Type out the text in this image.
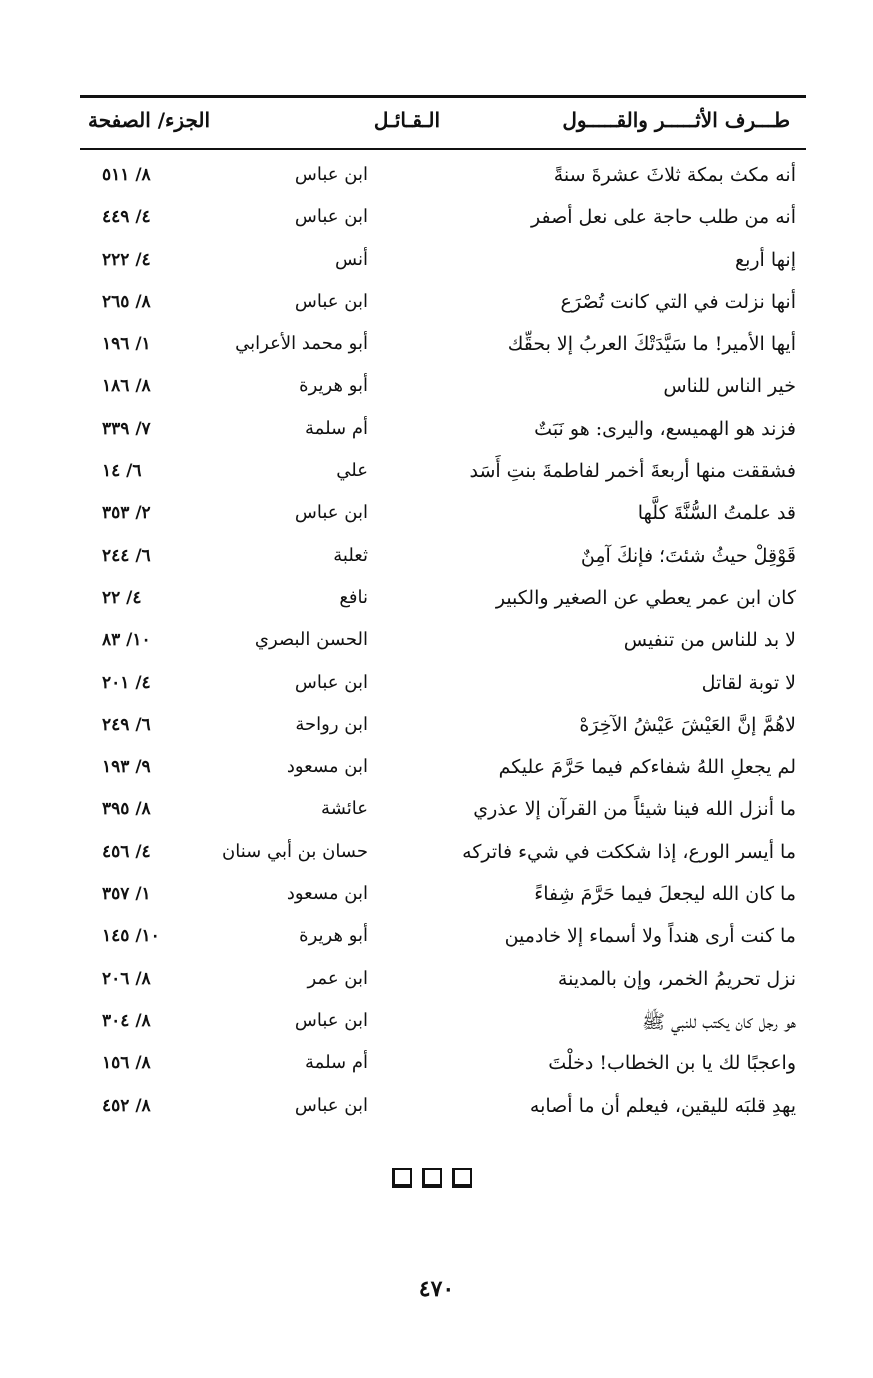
طـــرف الأثـــــر والقـــــول
الـقـائـل
الجزء/ الصفحة
أنه مكث بمكة ثلاثَ عشرةَ سنةً
ابن عباس
٨/ ٥١١
أنه من طلب حاجة على نعل أصفر
ابن عباس
٤/ ٤٤٩
إنها أربع
أنس
٤/ ٢٢٢
أنها نزلت في التي كانت تُصْرَع
ابن عباس
٨/ ٢٦٥
أيها الأمير! ما سَيَّدَتْكَ العربُ إلا بحقِّك
أبو محمد الأعرابي
١/ ١٩٦
خير الناس للناس
أبو هريرة
٨/ ١٨٦
فزند هو الهميسع، واليرى: هو نَبَتٌ
أم سلمة
٧/ ٣٣٩
فشققت منها أربعةَ أخمر لفاطمةَ بنتِ أَسَد
علي
٦/ ١٤
قد علمتُ السُّنَّةَ كلَّها
ابن عباس
٢/ ٣٥٣
قَوْقِلْ حيثُ شئتَ؛ فإنكَ آمِنٌ
ثعلبة
٦/ ٢٤٤
كان ابن عمر يعطي عن الصغير والكبير
نافع
٤/ ٢٢
لا بد للناس من تنفيس
الحسن البصري
١٠/ ٨٣
لا توبة لقاتل
ابن عباس
٤/ ٢٠١
لاهُمَّ إنَّ العَيْشَ عَيْشُ الآخِرَهْ
ابن رواحة
٦/ ٢٤٩
لم يجعلِ اللهُ شفاءكم فيما حَرَّمَ عليكم
ابن مسعود
٩/ ١٩٣
ما أنزل الله فينا شيئاً من القرآن إلا عذري
عائشة
٨/ ٣٩٥
ما أيسر الورع، إذا شككت في شيء فاتركه
حسان بن أبي سنان
٤/ ٤٥٦
ما كان الله ليجعلَ فيما حَرَّمَ شِفاءً
ابن مسعود
١/ ٣٥٧
ما كنت أرى هنداً ولا أسماء إلا خادمين
أبو هريرة
١٠/ ١٤٥
نزل تحريمُ الخمر، وإن بالمدينة
ابن عمر
٨/ ٢٠٦
هو رجل كان يكتب للنبي ﷺ
ابن عباس
٨/ ٣٠٤
واعجبًا لك يا بن الخطاب! دخلْتَ
أم سلمة
٨/ ١٥٦
يهدِ قلبَه لليقين، فيعلم أن ما أصابه
ابن عباس
٨/ ٤٥٢
٤٧٠
